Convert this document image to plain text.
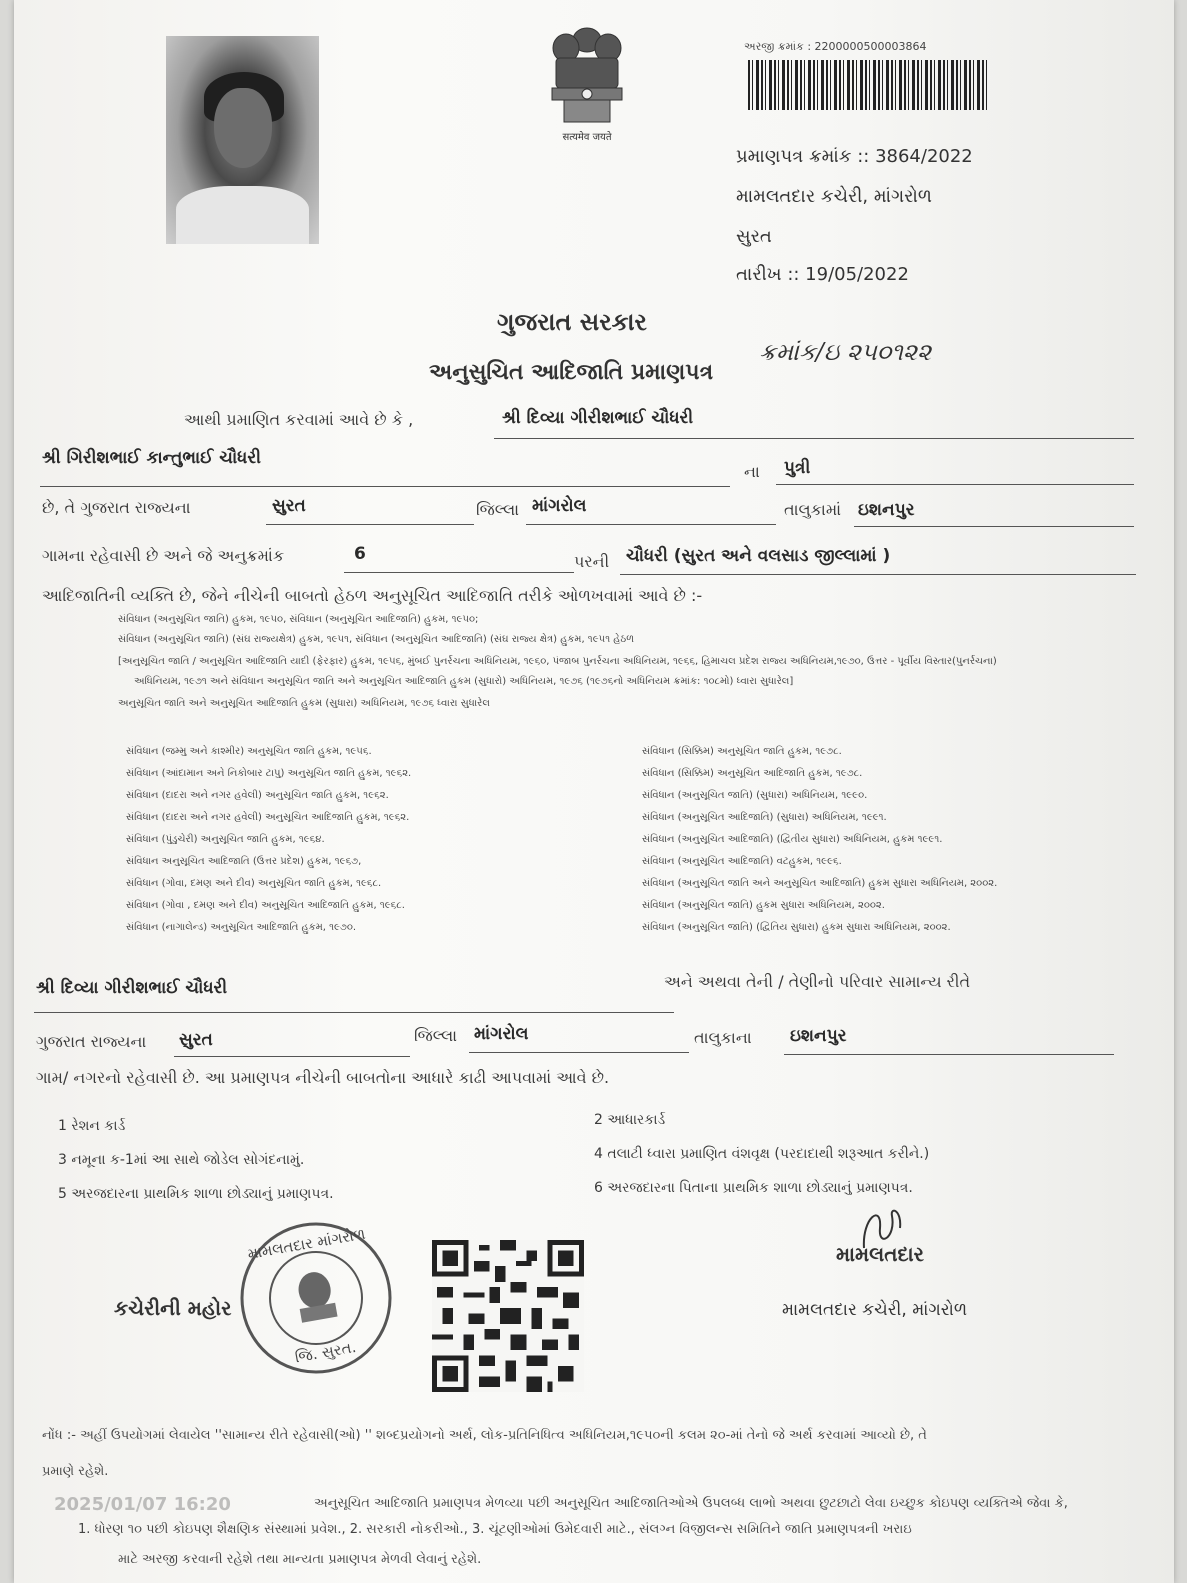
सत्यमेव जयते
અરજી ક્રમાંક : 2200000500003864
પ્રમાણપત્ર ક્રમાંક :: 3864/2022
મામલતદાર કચેરી, માંગરોળ
સુરત
તારીખ :: 19/05/2022
ગુજરાત સરકાર
અનુસુચિત આદિજાતિ પ્રમાણપત્ર
ક્રમાંક/ઇ ૨૫૦૧૨૨
આથી પ્રમાણિત કરવામાં આવે છે કે ,	શ્રી દિવ્યા ગીરીશભાઈ ચૌધરી
શ્રી ગિરીશભાઈ કાન્તુભાઈ ચૌધરી
ના પુત્રી
છે, તે ગુજરાત રાજ્યના	સુરત	જિલ્લા માંગરોલ	તાલુકામાં ઇશનપુર
ગામના રહેવાસી છે અને જે અનુક્રમાંક	6	પરની ચૌધરી (સુરત અને વલસાડ જીલ્લામાં )
આદિજાતિની વ્યક્તિ છે, જેને નીચેની બાબતો હેઠળ અનુસૂચિત આદિજાતિ તરીકે ઓળખવામાં આવે છે :-
સંવિધાન (અનુસૂચિત જાતિ) હુકમ, ૧૯૫૦, સંવિધાન (અનુસૂચિત આદિજાતિ) હુકમ, ૧૯૫૦;
સંવિધાન (અનુસૂચિત જાતિ) (સંઘ રાજ્યક્ષેત્ર) હુકમ, ૧૯૫૧, સંવિધાન (અનુસૂચિત આદિજાતિ) (સંઘ રાજ્ય ક્ષેત્ર) હુકમ, ૧૯૫૧ હેઠળ
[અનુસૂચિત જાતિ / અનુસૂચિત આદિજાતિ યાદી (ફેરફાર) હુકમ, ૧૯૫૬, મુંબઈ પુનર્રચના અધિનિયમ, ૧૯૬૦, પંજાબ પુનર્રચના અધિનિયમ, ૧૯૬૬, હિમાચલ પ્રદેશ રાજ્ય અધિનિયમ,૧૯૭૦, ઉત્તર - પૂર્વીય વિસ્તાર(પુનર્રચના)
અધિનિયમ, ૧૯૭૧ અને સંવિધાન અનુસૂચિત જાતિ અને અનુસૂચિત આદિજાતિ હુકમ (સુધારો) અધિનિયમ, ૧૯૭૬ (૧૯૭૬નો અધિનિયમ ક્રમાંક: ૧૦૮મો) ધ્વારા સુધારેલ]
અનુસૂચિત જાતિ અને અનુસૂચિત આદિજાતિ હુકમ (સુધારા) અધિનિયમ, ૧૯૭૬ ધ્વારા સુધારેલ
સંવિધાન (જમ્મુ અને કાશ્મીર) અનુસૂચિત જાતિ હુકમ, ૧૯૫૬.
સંવિધાન (આંદામાન અને નિકોબાર ટાપુ) અનુસૂચિત જાતિ હુકમ, ૧૯૬૨.
સંવિધાન (દાદરા અને નગર હવેલી) અનુસૂચિત જાતિ હુકમ, ૧૯૬૨.
સંવિધાન (દાદરા અને નગર હવેલી) અનુસૂચિત આદિજાતિ હુકમ, ૧૯૬૨.
સંવિધાન (પુંડુચેરી) અનુસૂચિત જાતિ હુકમ, ૧૯૬૪.
સંવિધાન અનુસૂચિત આદિજાતિ (ઉત્તર પ્રદેશ) હુકમ, ૧૯૬૭,
સંવિધાન (ગોવા, દમણ અને દીવ) અનુસૂચિત જાતિ હુકમ, ૧૯૬૮.
સંવિધાન (ગોવા , દમણ અને દીવ) અનુસૂચિત આદિજાતિ હુકમ, ૧૯૬૮.
સંવિધાન (નાગાલેન્ડ) અનુસૂચિત આદિજાતિ હુકમ, ૧૯૭૦.
સંવિધાન (સિક્કિમ) અનુસૂચિત જાતિ હુકમ, ૧૯૭૮.
સંવિધાન (સિક્કિમ) અનુસૂચિત આદિજાતિ હુકમ, ૧૯૭૮.
સંવિધાન (અનુસૂચિત જાતિ) (સુધારા) અધિનિયમ, ૧૯૯૦.
સંવિધાન (અનુસૂચિત આદિજાતિ) (સુધારા) અધિનિયમ, ૧૯૯૧.
સંવિધાન (અનુસૂચિત આદિજાતિ) (દ્વિતીય સુધારા) અધિનિયમ, હુકમ ૧૯૯૧.
સંવિધાન (અનુસૂચિત આદિજાતિ) વટહુકમ, ૧૯૯૬.
સંવિધાન (અનુસૂચિત જાતિ અને અનુસૂચિત આદિજાતિ) હુકમ સુધારા અધિનિયમ, ૨૦૦૨.
સંવિધાન (અનુસૂચિત જાતિ) હુકમ સુધારા અધિનિયમ, ૨૦૦૨.
સંવિધાન (અનુસૂચિત જાતિ) (દ્વિતિય સુધારા) હુકમ સુધારા અધિનિયમ, ૨૦૦૨.
શ્રી દિવ્યા ગીરીશભાઈ ચૌધરી	અને અથવા તેની / તેણીનો પરિવાર સામાન્ય રીતે
ગુજરાત રાજ્યના સુરત	જિલ્લા માંગરોલ	તાલુકાના ઇશનપુર
ગામ/ નગરનો રહેવાસી છે. આ પ્રમાણપત્ર નીચેની બાબતોના આધારે કાઢી આપવામાં આવે છે.
1 રેશન કાર્ડ	2 આધારકાર્ડ
3 નમૂના ક-1માં આ સાથે જોડેલ સોગંદનામું.	4 તલાટી ધ્વારા પ્રમાણિત વંશવૃક્ષ (પરદાદાથી શરૂઆત કરીને.)
5 અરજદારના પ્રાથમિક શાળા છોડ્યાનું પ્રમાણપત્ર.	6 અરજદારના પિતાના પ્રાથમિક શાળા છોડ્યાનું પ્રમાણપત્ર.
કચેરીની મહોર
મામલતદાર માંગરોળ
જિ. સુરત.
મામલતદાર
મામલતદાર કચેરી, માંગરોળ
નોંધ :- અહીં ઉપયોગમાં લેવાયેલ ''સામાન્ય રીતે રહેવાસી(ઓ) '' શબ્દપ્રયોગનો અર્થ, લોક-પ્રતિનિધિત્વ અધિનિયમ,૧૯૫૦ની કલમ ૨૦-માં તેનો જે અર્થ કરવામાં આવ્યો છે, તે
પ્રમાણે રહેશે.
અનુસૂચિત આદિજાતિ પ્રમાણપત્ર મેળવ્યા પછી અનુસૂચિત આદિજાતિઓએ ઉપલબ્ધ લાભો અથવા છુટછાટો લેવા ઇચ્છુક કોઇપણ વ્યક્તિએ જેવા કે,
2025/01/07 16:20
1. ધોરણ ૧૦ પછી કોઇપણ શૈક્ષણિક સંસ્થામાં પ્રવેશ., 2. સરકારી નોકરીઓ., 3. ચૂંટણીઓમાં ઉમેદવારી માટે., સંલગ્ન વિજીલન્સ સમિતિને જાતિ પ્રમાણપત્રની ખરાઇ
માટે અરજી કરવાની રહેશે તથા માન્યતા પ્રમાણપત્ર મેળવી લેવાનું રહેશે.
